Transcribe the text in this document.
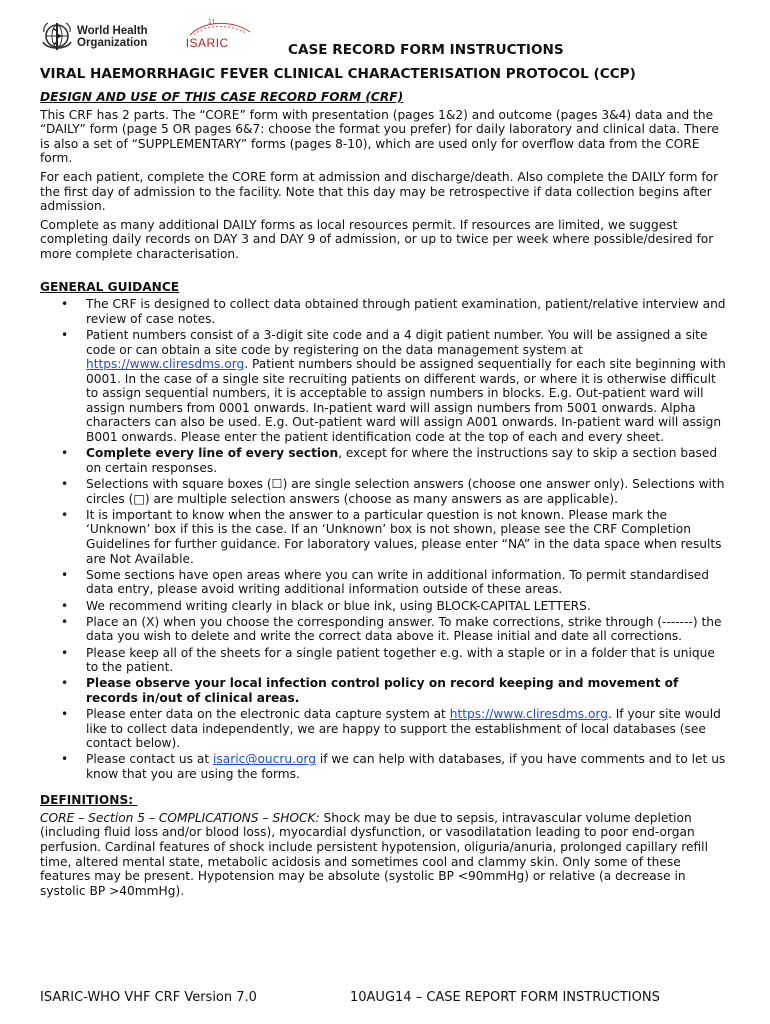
World Health
Organization
11
ISARIC	CASE RECORD FORM INSTRUCTIONS
VIRAL HAEMORRHAGIC FEVER CLINICAL CHARACTERISATION PROTOCOL (CCP)
DESIGN AND USE OF THIS CASE RECORD FORM (CRF)

This CRF has 2 parts. The “CORE” form with presentation (pages 1&2) and outcome (pages 3&4) data and the “DAILY” form (page 5 OR pages 6&7: choose the format you prefer) for daily laboratory and clinical data. There is also a set of “SUPPLEMENTARY” forms (pages 8-10), which are used only for overflow data from the CORE form.

For each patient, complete the CORE form at admission and discharge/death. Also complete the DAILY form for the first day of admission to the facility. Note that this day may be retrospective if data collection begins after admission.

Complete as many additional DAILY forms as local resources permit. If resources are limited, we suggest completing daily records on DAY 3 and DAY 9 of admission, or up to twice per week where possible/desired for more complete characterisation.

GENERAL GUIDANCE
• The CRF is designed to collect data obtained through patient examination, patient/relative interview and review of case notes.
• Patient numbers consist of a 3-digit site code and a 4 digit patient number. You will be assigned a site code or can obtain a site code by registering on the data management system at https://www.cliresdms.org. Patient numbers should be assigned sequentially for each site beginning with 0001. In the case of a single site recruiting patients on different wards, or where it is otherwise difficult to assign sequential numbers, it is acceptable to assign numbers in blocks. E.g. Out-patient ward will assign numbers from 0001 onwards. In-patient ward will assign numbers from 5001 onwards. Alpha characters can also be used. E.g. Out-patient ward will assign A001 onwards. In-patient ward will assign B001 onwards. Please enter the patient identification code at the top of each and every sheet.
• Complete every line of every section, except for where the instructions say to skip a section based on certain responses.
• Selections with square boxes (☐) are single selection answers (choose one answer only). Selections with circles (□) are multiple selection answers (choose as many answers as are applicable).
• It is important to know when the answer to a particular question is not known. Please mark the ‘Unknown’ box if this is the case. If an ‘Unknown’ box is not shown, please see the CRF Completion Guidelines for further guidance. For laboratory values, please enter “NA” in the data space when results are Not Available.
• Some sections have open areas where you can write in additional information. To permit standardised data entry, please avoid writing additional information outside of these areas.
• We recommend writing clearly in black or blue ink, using BLOCK-CAPITAL LETTERS.
• Place an (X) when you choose the corresponding answer. To make corrections, strike through (-------) the data you wish to delete and write the correct data above it. Please initial and date all corrections.
• Please keep all of the sheets for a single patient together e.g. with a staple or in a folder that is unique to the patient.
• Please observe your local infection control policy on record keeping and movement of records in/out of clinical areas.
• Please enter data on the electronic data capture system at https://www.cliresdms.org. If your site would like to collect data independently, we are happy to support the establishment of local databases (see contact below).
• Please contact us at isaric@oucru.org if we can help with databases, if you have comments and to let us know that you are using the forms.
DEFINITIONS:

CORE – Section 5 – COMPLICATIONS – SHOCK: Shock may be due to sepsis, intravascular volume depletion (including fluid loss and/or blood loss), myocardial dysfunction, or vasodilatation leading to poor end-organ perfusion. Cardinal features of shock include persistent hypotension, oliguria/anuria, prolonged capillary refill time, altered mental state, metabolic acidosis and sometimes cool and clammy skin. Only some of these features may be present. Hypotension may be absolute (systolic BP <90mmHg) or relative (a decrease in systolic BP >40mmHg).

ISARIC-WHO VHF CRF Version 7.0	10AUG14 – CASE REPORT FORM INSTRUCTIONS
